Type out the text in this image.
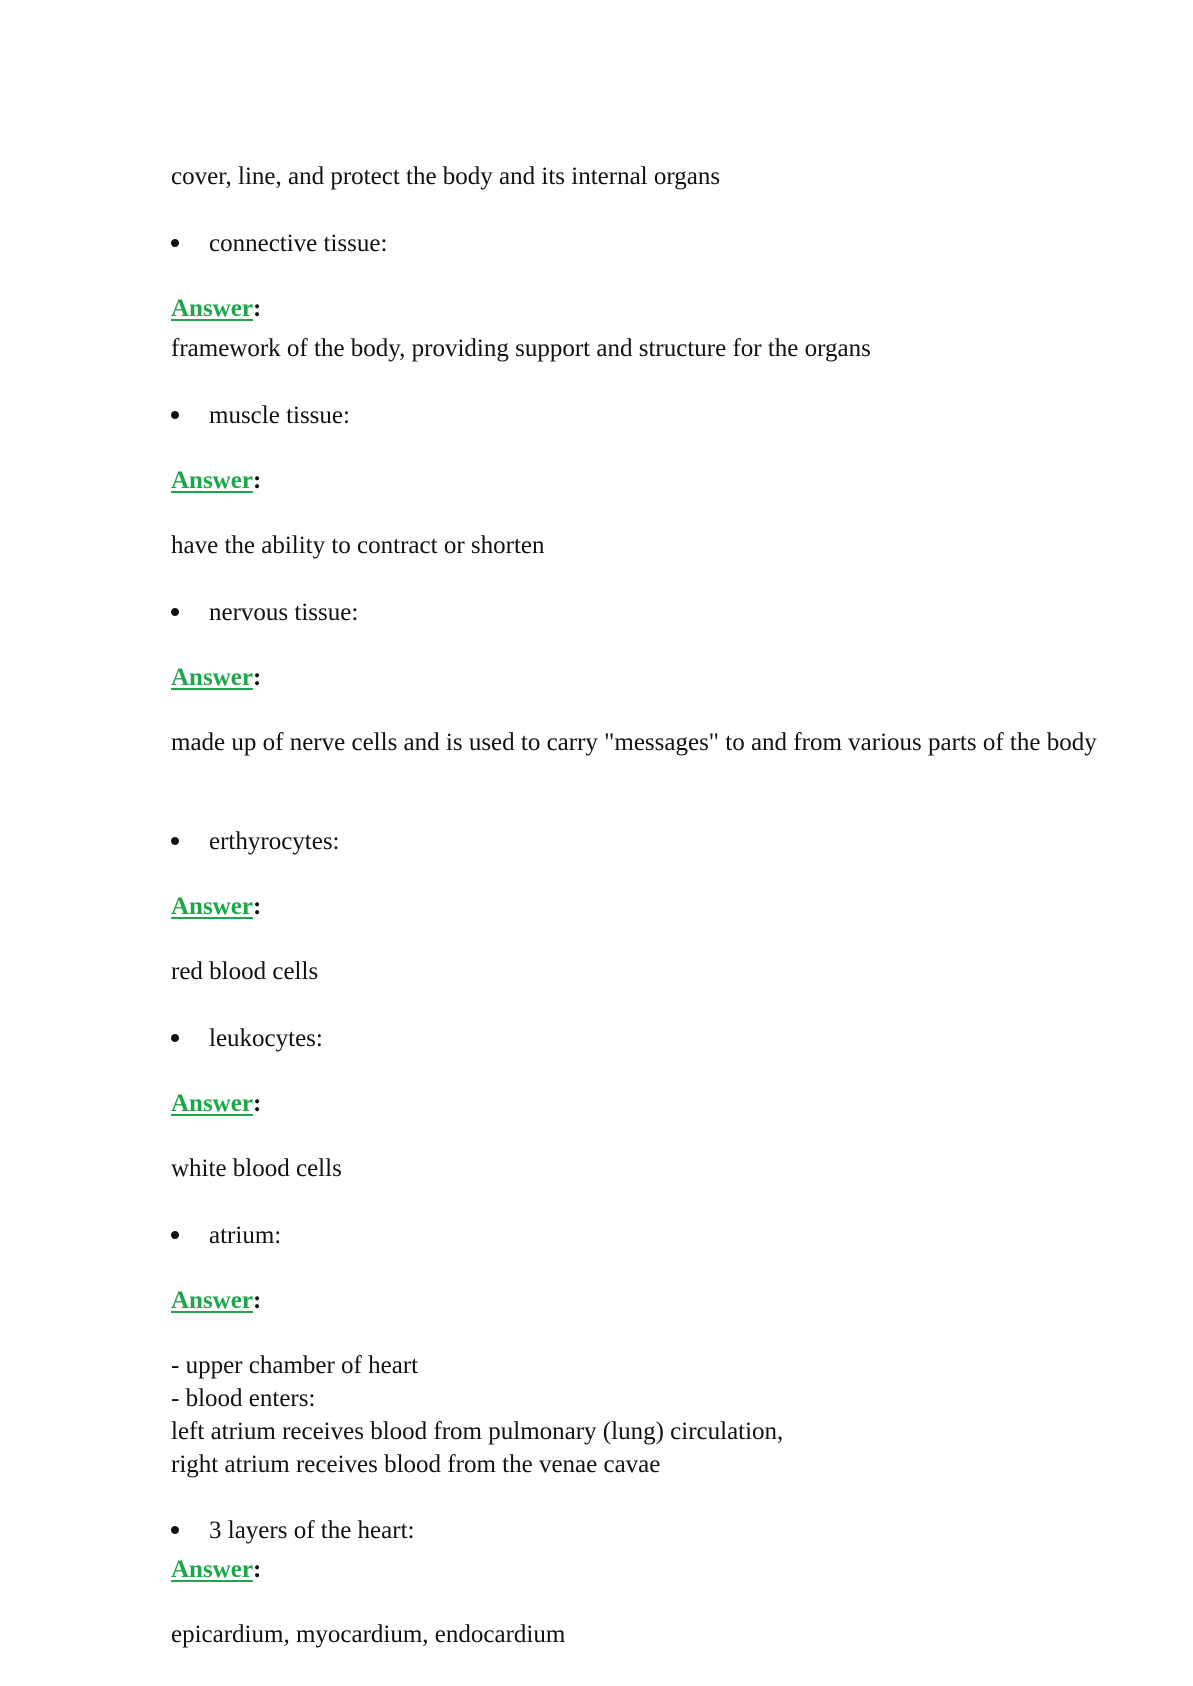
cover, line, and protect the body and its internal organs

connective tissue:
Answer:

framework of the body, providing support and structure for the organs

muscle tissue:
Answer:

have the ability to contract or shorten

nervous tissue:
Answer:

made up of nerve cells and is used to carry "messages" to and from various parts of the body

erthyrocytes:
Answer:

red blood cells

leukocytes:
Answer:

white blood cells

atrium:
Answer:

- upper chamber of heart

- blood enters:

left atrium receives blood from pulmonary (lung) circulation,

right atrium receives blood from the venae cavae

3 layers of the heart:
Answer:

epicardium, myocardium, endocardium
